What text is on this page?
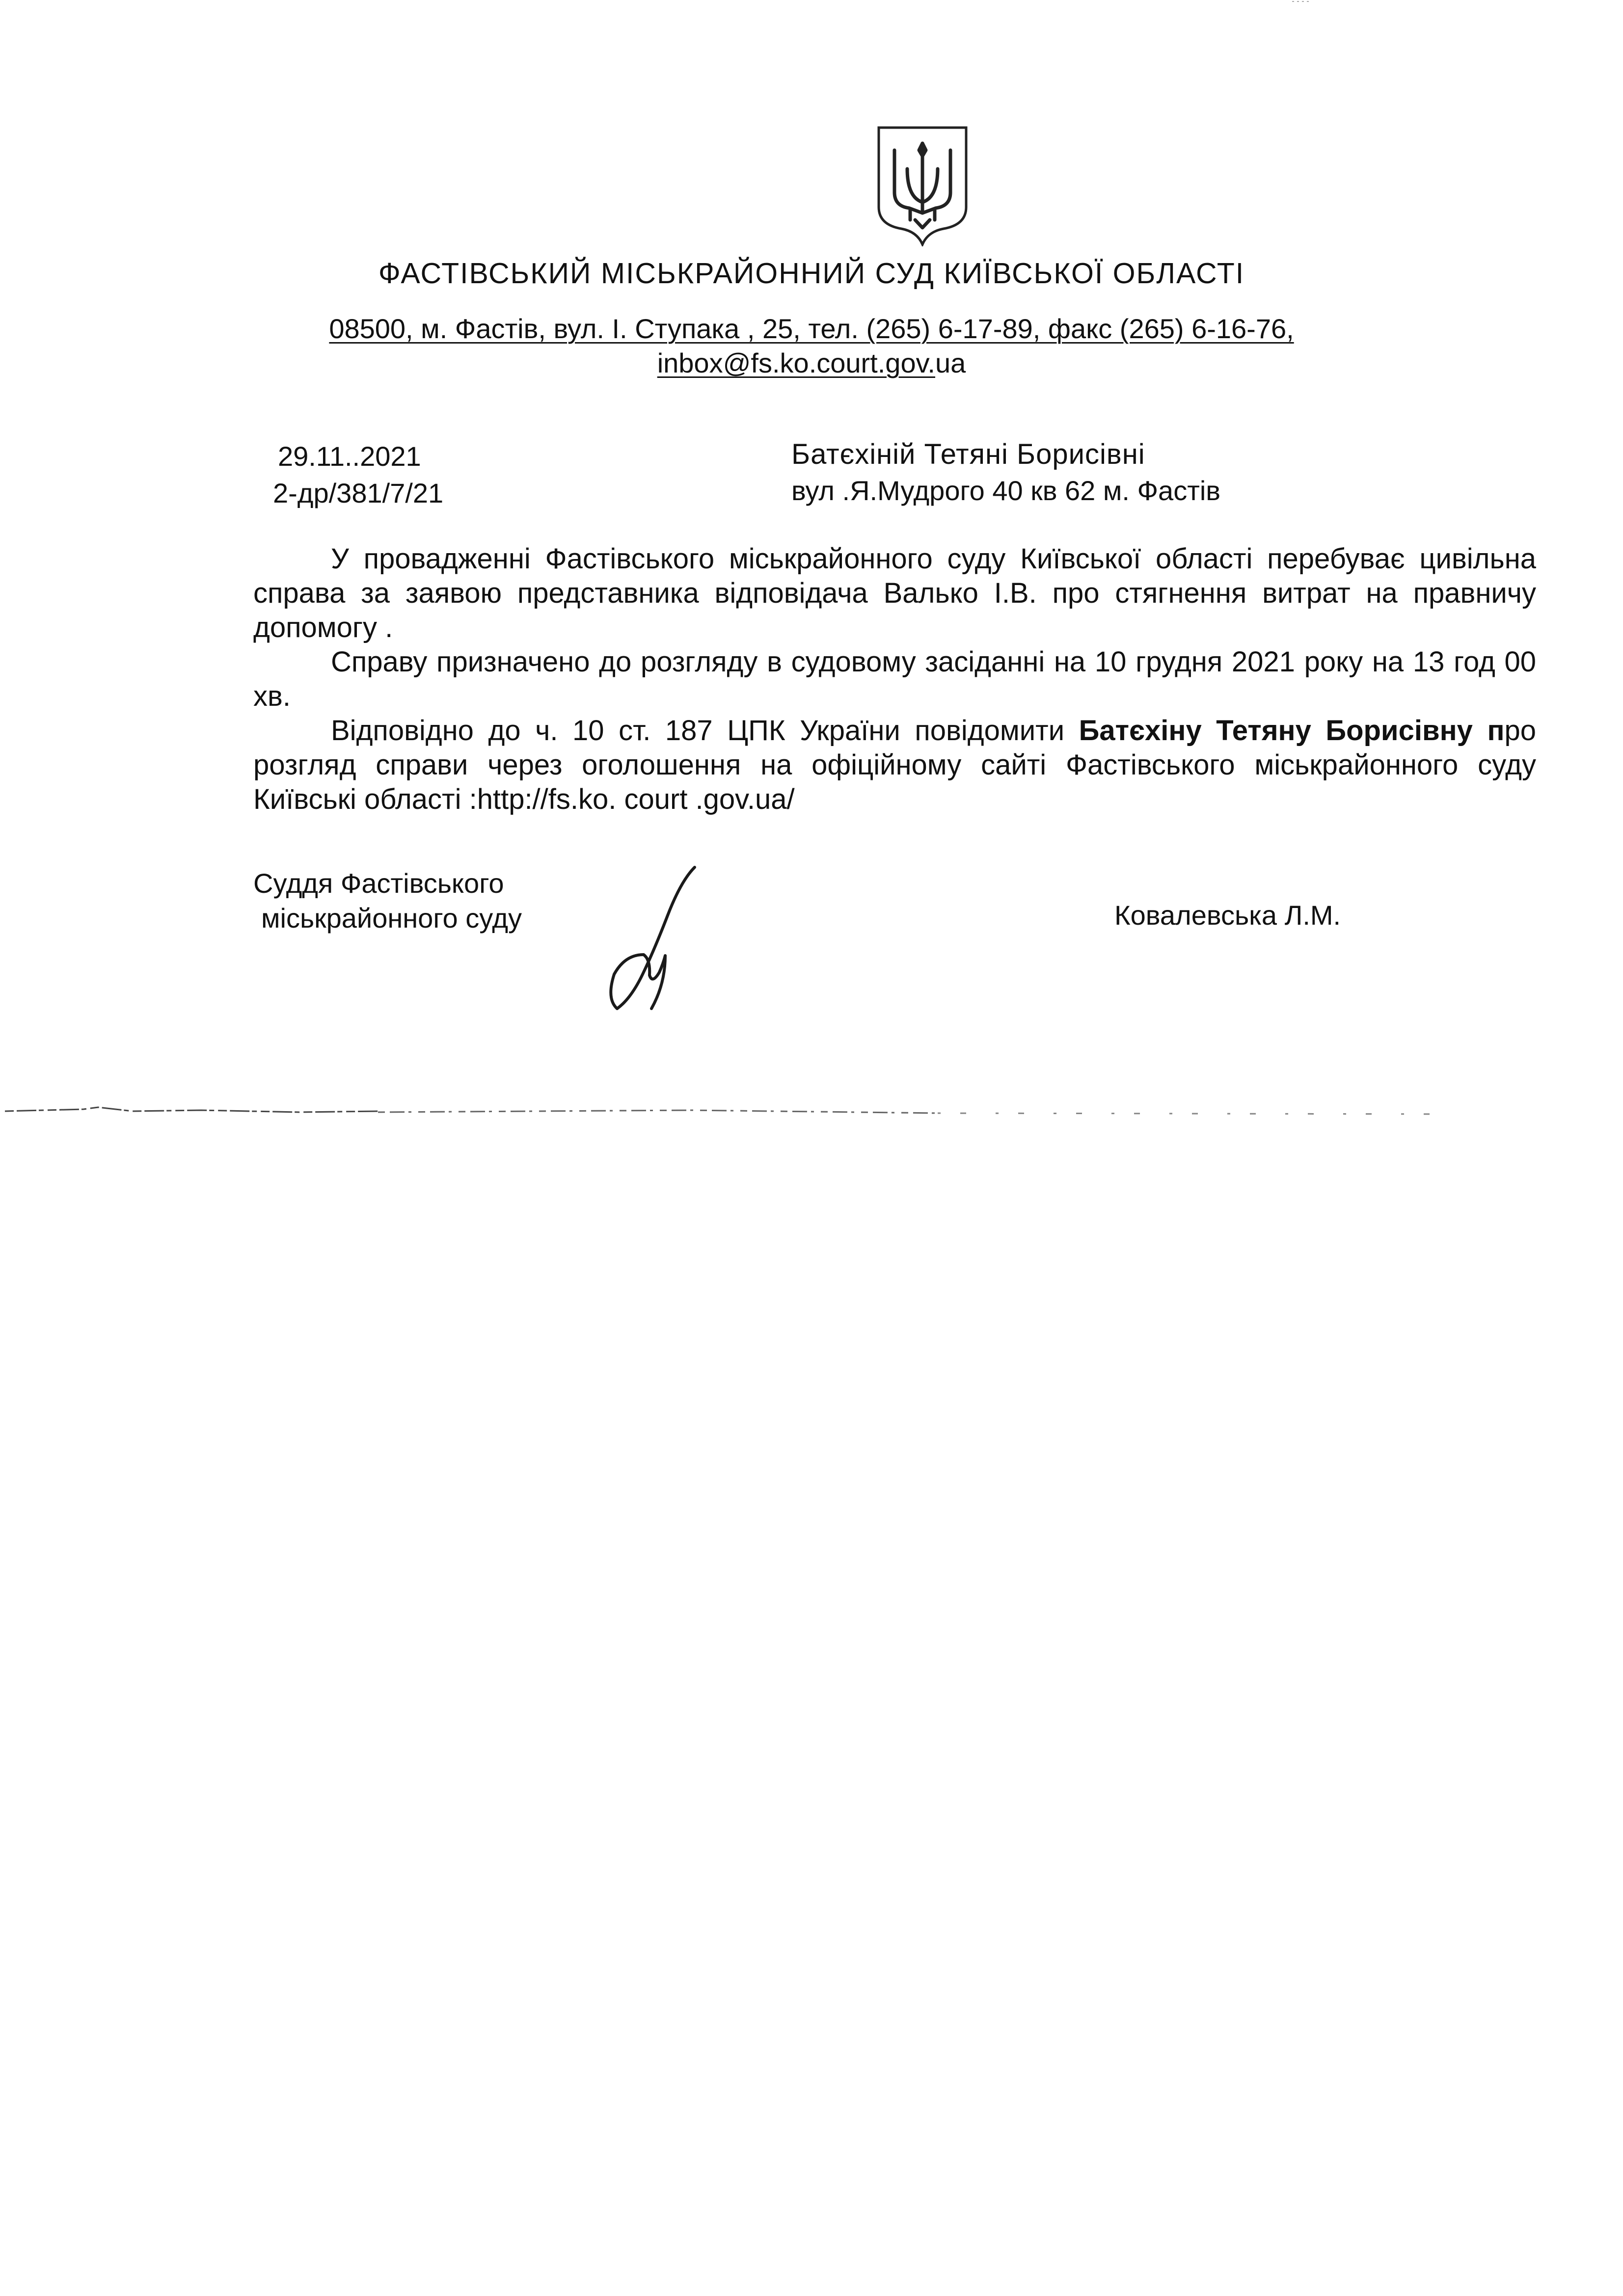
ФАСТІВСЬКИЙ МІСЬКРАЙОННИЙ СУД КИЇВСЬКОЇ ОБЛАСТІ
08500, м. Фастів, вул. І. Ступака , 25, тел. (265) 6-17-89, факс (265) 6-16-76,
inbox@fs.ko.court.gov.ua
29.11..2021
2-др/381/7/21
Батєхіній Тетяні Борисівні
вул .Я.Мудрого 40 кв 62 м. Фастів

У провадженні Фастівського міськрайонного суду Київської області перебуває цивільна справа за заявою представника відповідача Валько І.В. про стягнення витрат на правничу допомогу .

Справу призначено до розгляду в судовому засіданні на 10 грудня 2021 року на 13 год 00 хв.

Відповідно до ч. 10 ст. 187 ЦПК України повідомити Батєхіну Тетяну Борисівну про розгляд справи через оголошення на офіційному сайті Фастівського міськрайонного суду Київські області :http://fs.ko. court .gov.ua/

Суддя Фастівського
міськрайонного суду	Ковалевська Л.М.
